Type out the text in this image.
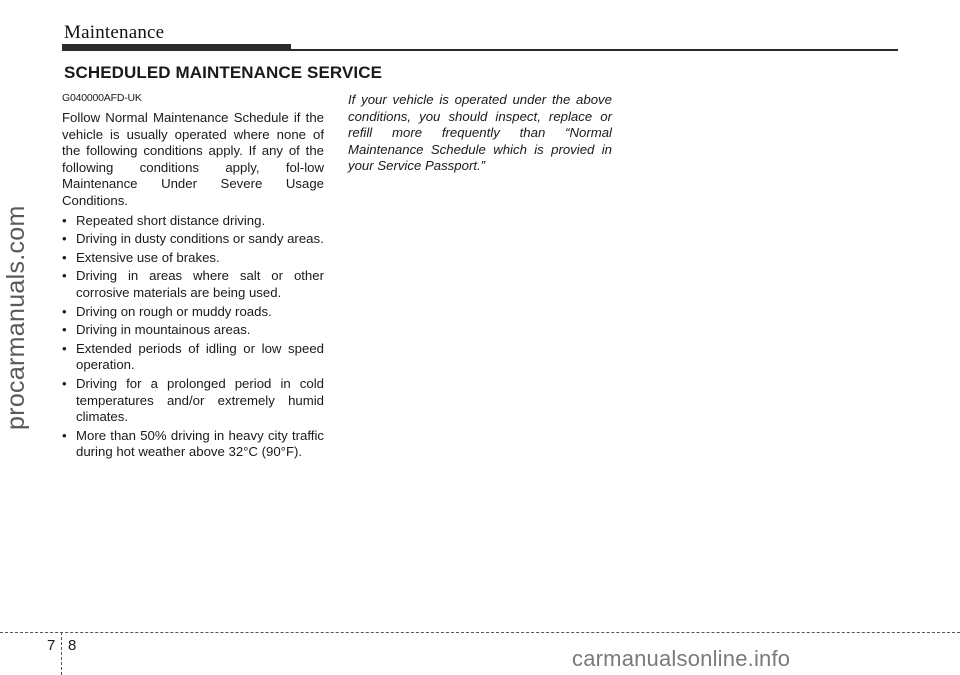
Maintenance
SCHEDULED MAINTENANCE SERVICE

G040000AFD-UK

Follow Normal Maintenance Schedule if the vehicle is usually operated where none of the following conditions apply. If any of the following conditions apply, fol-low Maintenance Under Severe Usage Conditions.

• Repeated short distance driving.
• Driving in dusty conditions or sandy areas.
• Extensive use of brakes.
• Driving in areas where salt or other corrosive materials are being used.
• Driving on rough or muddy roads.
• Driving in mountainous areas.
• Extended periods of idling or low speed operation.
• Driving for a prolonged period in cold temperatures and/or extremely humid climates.
• More than 50% driving in heavy city traffic during hot weather above 32°C (90°F).

If your vehicle is operated under the above conditions, you should inspect, replace or refill more frequently than “Normal Maintenance Schedule which is provied in your Service Passport.”

procarmanuals.com
7 8
carmanualsonline.info
